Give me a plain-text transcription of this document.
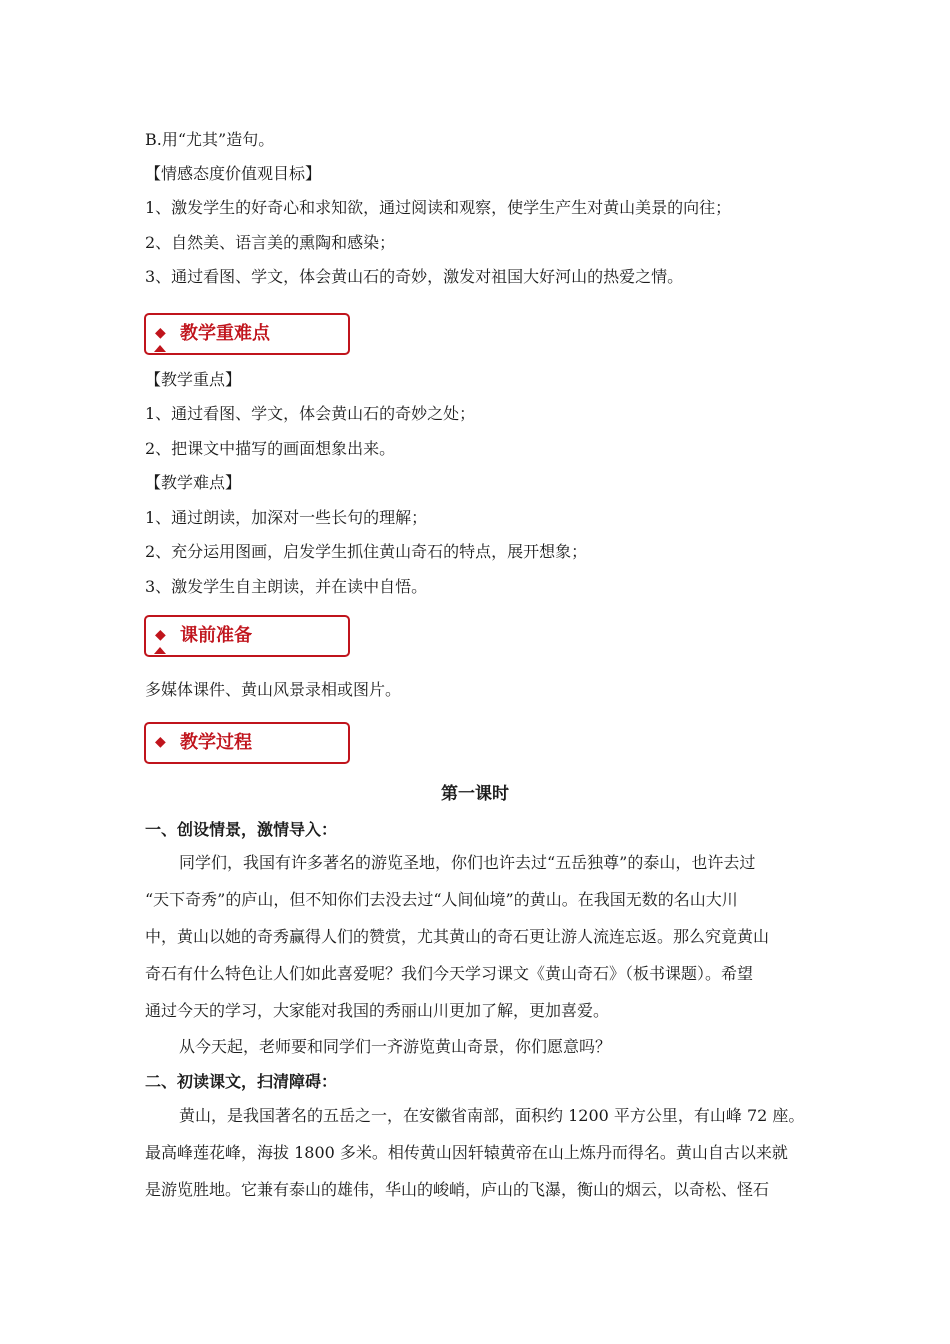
B.用“尤其”造句。
【情感态度价值观目标】
1、激发学生的好奇心和求知欲，通过阅读和观察，使学生产生对黄山美景的向往；
2、自然美、语言美的熏陶和感染；
3、通过看图、学文，体会黄山石的奇妙，激发对祖国大好河山的热爱之情。
◆ 教学重难点
【教学重点】
1、通过看图、学文，体会黄山石的奇妙之处；
2、把课文中描写的画面想象出来。
【教学难点】
1、通过朗读，加深对一些长句的理解；
2、充分运用图画，启发学生抓住黄山奇石的特点，展开想象；
3、激发学生自主朗读，并在读中自悟。
◆ 课前准备
多媒体课件、黄山风景录相或图片。
◆ 教学过程
第一课时
一、创设情景，激情导入：
同学们，我国有许多著名的游览圣地，你们也许去过“五岳独尊”的泰山，也许去过
“天下奇秀”的庐山，但不知你们去没去过“人间仙境”的黄山。在我国无数的名山大川
中，黄山以她的奇秀赢得人们的赞赏，尤其黄山的奇石更让游人流连忘返。那么究竟黄山
奇石有什么特色让人们如此喜爱呢？我们今天学习课文《黄山奇石》（板书课题）。希望
通过今天的学习，大家能对我国的秀丽山川更加了解，更加喜爱。
从今天起，老师要和同学们一齐游览黄山奇景，你们愿意吗？
二、初读课文，扫清障碍：
黄山，是我国著名的五岳之一，在安徽省南部，面积约 1200 平方公里，有山峰 72 座。
最高峰莲花峰，海拔 1800 多米。相传黄山因轩辕黄帝在山上炼丹而得名。黄山自古以来就
是游览胜地。它兼有泰山的雄伟，华山的峻峭，庐山的飞瀑，衡山的烟云，以奇松、怪石
